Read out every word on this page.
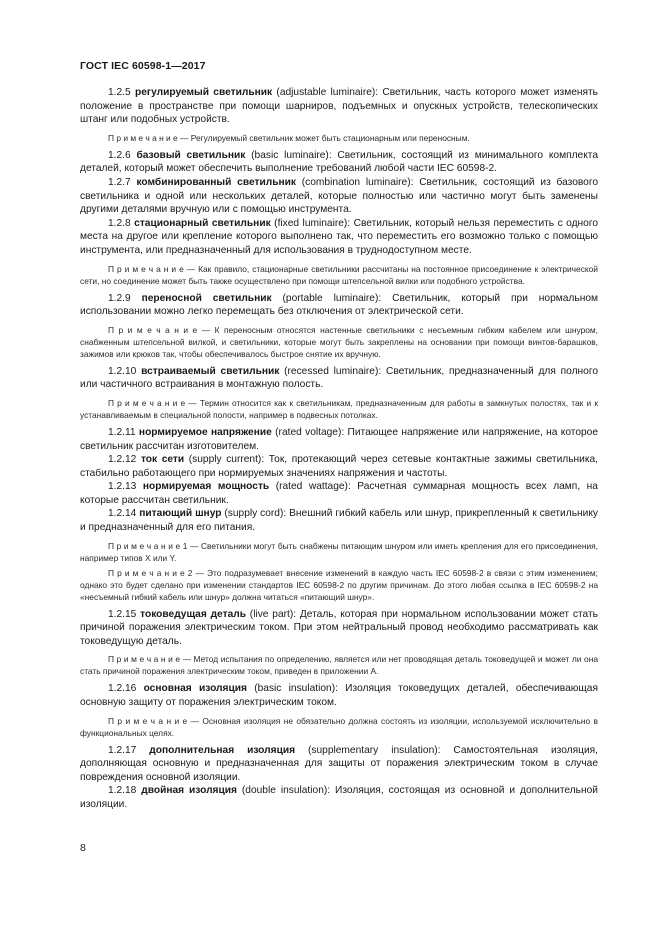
ГОСТ IEC 60598-1—2017

1.2.5 регулируемый светильник (adjustable luminaire): Светильник, часть которого может изменять положение в пространстве при помощи шарниров, подъемных и опускных устройств, телескопических штанг или подобных устройств.

П р и м е ч а н и е — Регулируемый светильник может быть стационарным или переносным.

1.2.6 базовый светильник (basic luminaire): Светильник, состоящий из минимального комплекта деталей, который может обеспечить выполнение требований любой части IEC 60598-2.

1.2.7 комбинированный светильник (combination luminaire): Светильник, состоящий из базового светильника и одной или нескольких деталей, которые полностью или частично могут быть заменены другими деталями вручную или с помощью инструмента.

1.2.8 стационарный светильник (fixed luminaire): Светильник, который нельзя переместить с одного места на другое или крепление которого выполнено так, что переместить его возможно только с помощью инструмента, или предназначенный для использования в труднодоступном месте.

П р и м е ч а н и е — Как правило, стационарные светильники рассчитаны на постоянное присоединение к электрической сети, но соединение может быть также осуществлено при помощи штепсельной вилки или подобного устройства.

1.2.9 переносной светильник (portable luminaire): Светильник, который при нормальном использовании можно легко перемещать без отключения от электрической сети.

П р и м е ч а н и е — К переносным относятся настенные светильники с несъемным гибким кабелем или шнуром, снабженным штепсельной вилкой, и светильники, которые могут быть закреплены на основании при помощи винтов-барашков, зажимов или крюков так, чтобы обеспечивалось быстрое снятие их вручную.

1.2.10 встраиваемый светильник (recessed luminaire): Светильник, предназначенный для полного или частичного встраивания в монтажную полость.

П р и м е ч а н и е — Термин относится как к светильникам, предназначенным для работы в замкнутых полостях, так и к устанавливаемым в специальной полости, например в подвесных потолках.

1.2.11 нормируемое напряжение (rated voltage): Питающее напряжение или напряжение, на которое светильник рассчитан изготовителем.

1.2.12 ток сети (supply current): Ток, протекающий через сетевые контактные зажимы светильника, стабильно работающего при нормируемых значениях напряжения и частоты.

1.2.13 нормируемая мощность (rated wattage): Расчетная суммарная мощность всех ламп, на которые рассчитан светильник.

1.2.14 питающий шнур (supply cord): Внешний гибкий кабель или шнур, прикрепленный к светильнику и предназначенный для его питания.

П р и м е ч а н и е 1 — Светильники могут быть снабжены питающим шнуром или иметь крепления для его присоединения, например типов X или Y.

П р и м е ч а н и е 2 — Это подразумевает внесение изменений в каждую часть IEC 60598-2 в связи с этим изменением; однако это будет сделано при изменении стандартов IEC 60598-2 по другим причинам. До этого любая ссылка в IEC 60598-2 на «несъемный гибкий кабель или шнур» должна читаться «питающий шнур».

1.2.15 токоведущая деталь (live part): Деталь, которая при нормальном использовании может стать причиной поражения электрическим током. При этом нейтральный провод необходимо рассматривать как токоведущую деталь.

П р и м е ч а н и е — Метод испытания по определению, является или нет проводящая деталь токоведущей и может ли она стать причиной поражения электрическим током, приведен в приложении А.

1.2.16 основная изоляция (basic insulation): Изоляция токоведущих деталей, обеспечивающая основную защиту от поражения электрическим током.

П р и м е ч а н и е — Основная изоляция не обязательно должна состоять из изоляции, используемой исключительно в функциональных целях.

1.2.17 дополнительная изоляция (supplementary insulation): Самостоятельная изоляция, дополняющая основную и предназначенная для защиты от поражения электрическим током в случае повреждения основной изоляции.

1.2.18 двойная изоляция (double insulation): Изоляция, состоящая из основной и дополнительной изоляции.

8
